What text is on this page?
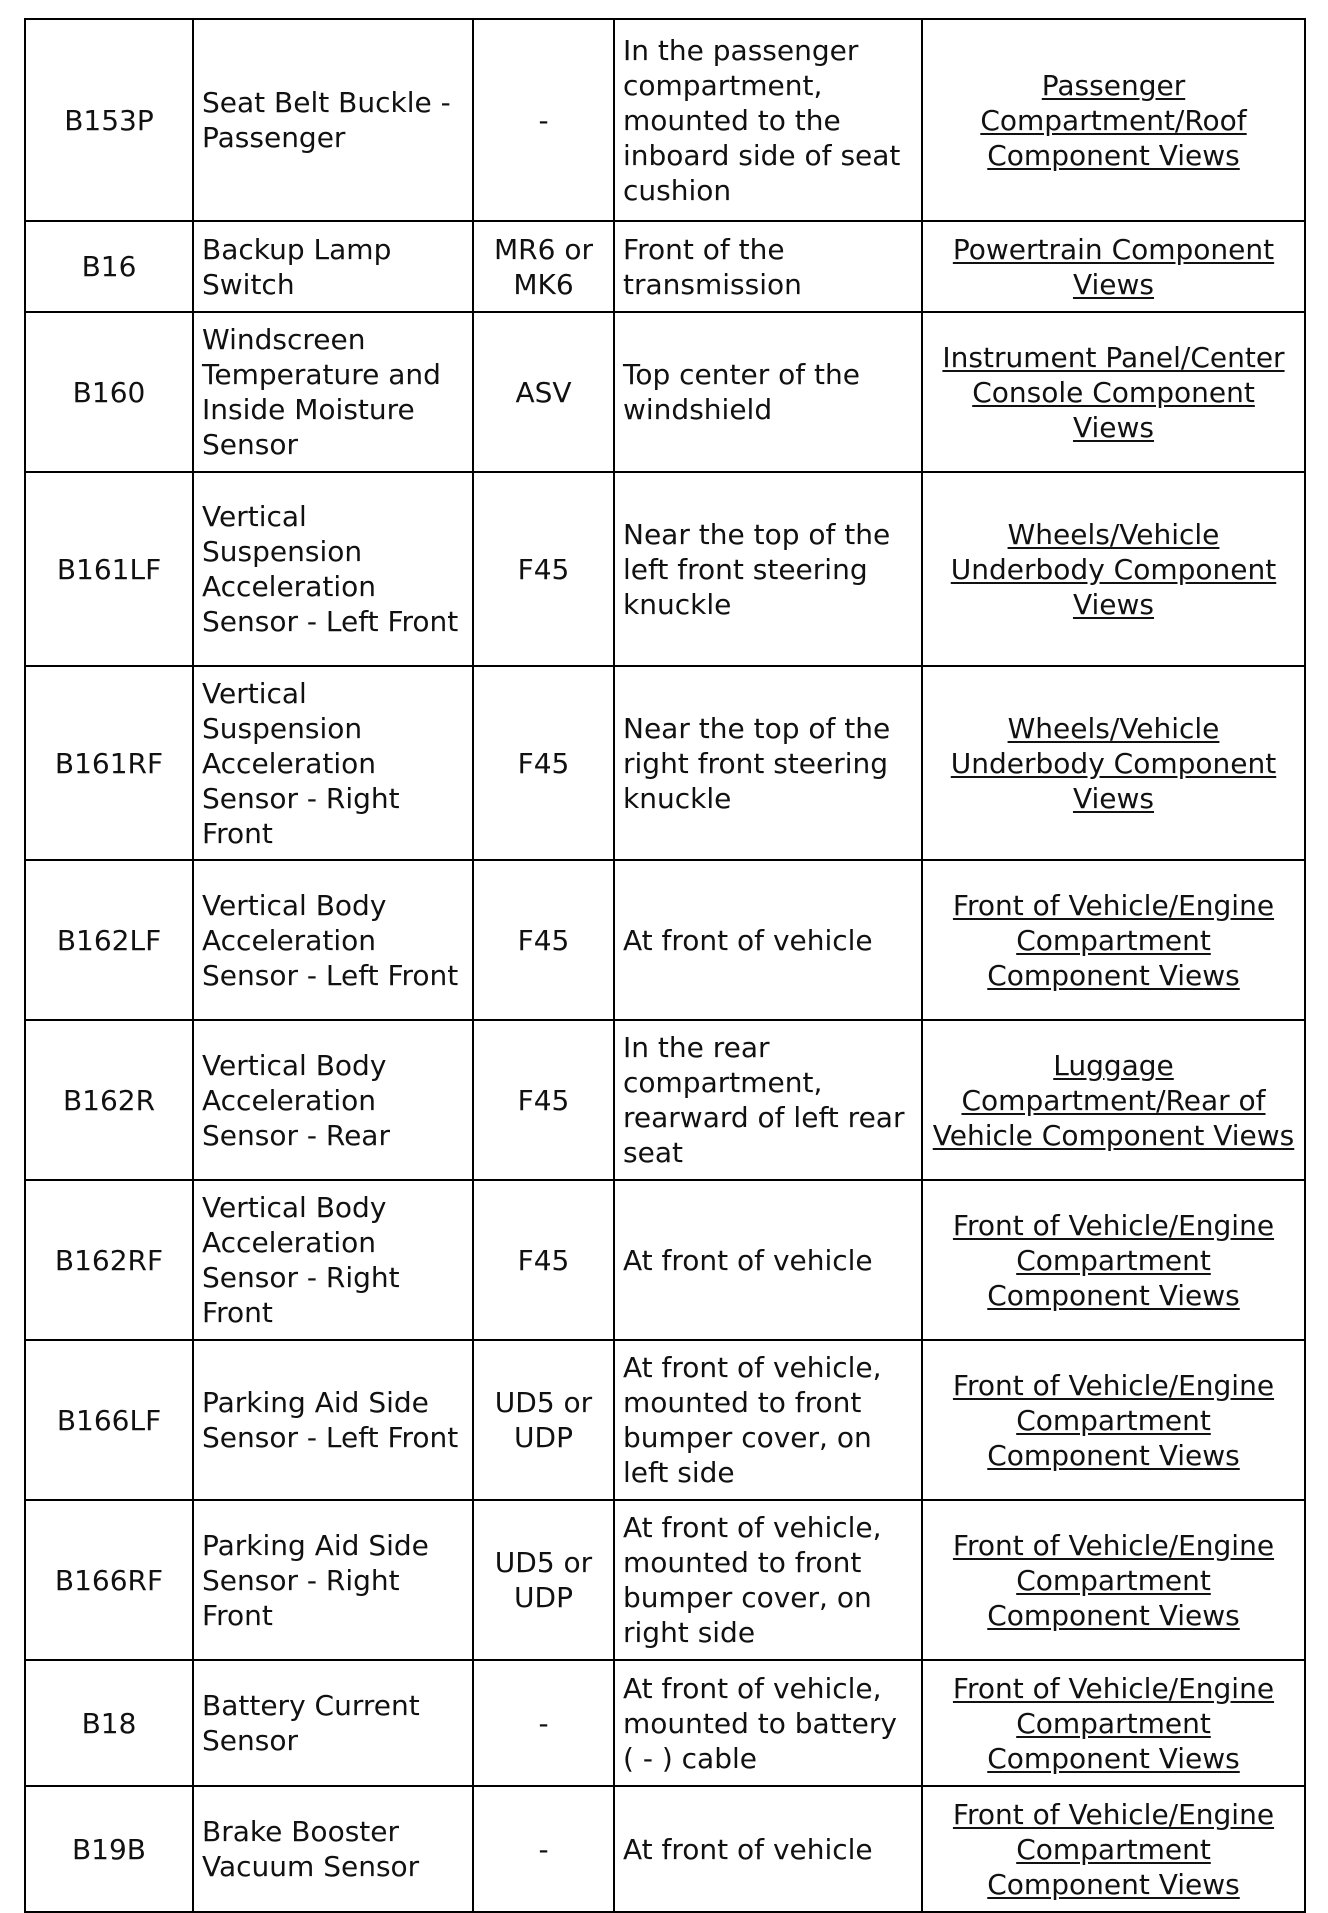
B153P	Seat Belt Buckle - Passenger	-	In the passenger compartment, mounted to the inboard side of seat cushion	Passenger Compartment/Roof Component Views
B16	Backup Lamp Switch	MR6 or MK6	Front of the transmission	Powertrain Component Views
B160	Windscreen Temperature and Inside Moisture Sensor	ASV	Top center of the windshield	Instrument Panel/Center Console Component Views
B161LF	Vertical Suspension Acceleration Sensor - Left Front	F45	Near the top of the left front steering knuckle	Wheels/Vehicle Underbody Component Views
B161RF	Vertical Suspension Acceleration Sensor - Right Front	F45	Near the top of the right front steering knuckle	Wheels/Vehicle Underbody Component Views
B162LF	Vertical Body Acceleration Sensor - Left Front	F45	At front of vehicle	Front of Vehicle/Engine Compartment Component Views
B162R	Vertical Body Acceleration Sensor - Rear	F45	In the rear compartment, rearward of left rear seat	Luggage Compartment/Rear of Vehicle Component Views
B162RF	Vertical Body Acceleration Sensor - Right Front	F45	At front of vehicle	Front of Vehicle/Engine Compartment Component Views
B166LF	Parking Aid Side Sensor - Left Front	UD5 or UDP	At front of vehicle, mounted to front bumper cover, on left side	Front of Vehicle/Engine Compartment Component Views
B166RF	Parking Aid Side Sensor - Right Front	UD5 or UDP	At front of vehicle, mounted to front bumper cover, on right side	Front of Vehicle/Engine Compartment Component Views
B18	Battery Current Sensor	-	At front of vehicle, mounted to battery ( - ) cable	Front of Vehicle/Engine Compartment Component Views
B19B	Brake Booster Vacuum Sensor	-	At front of vehicle	Front of Vehicle/Engine Compartment Component Views
